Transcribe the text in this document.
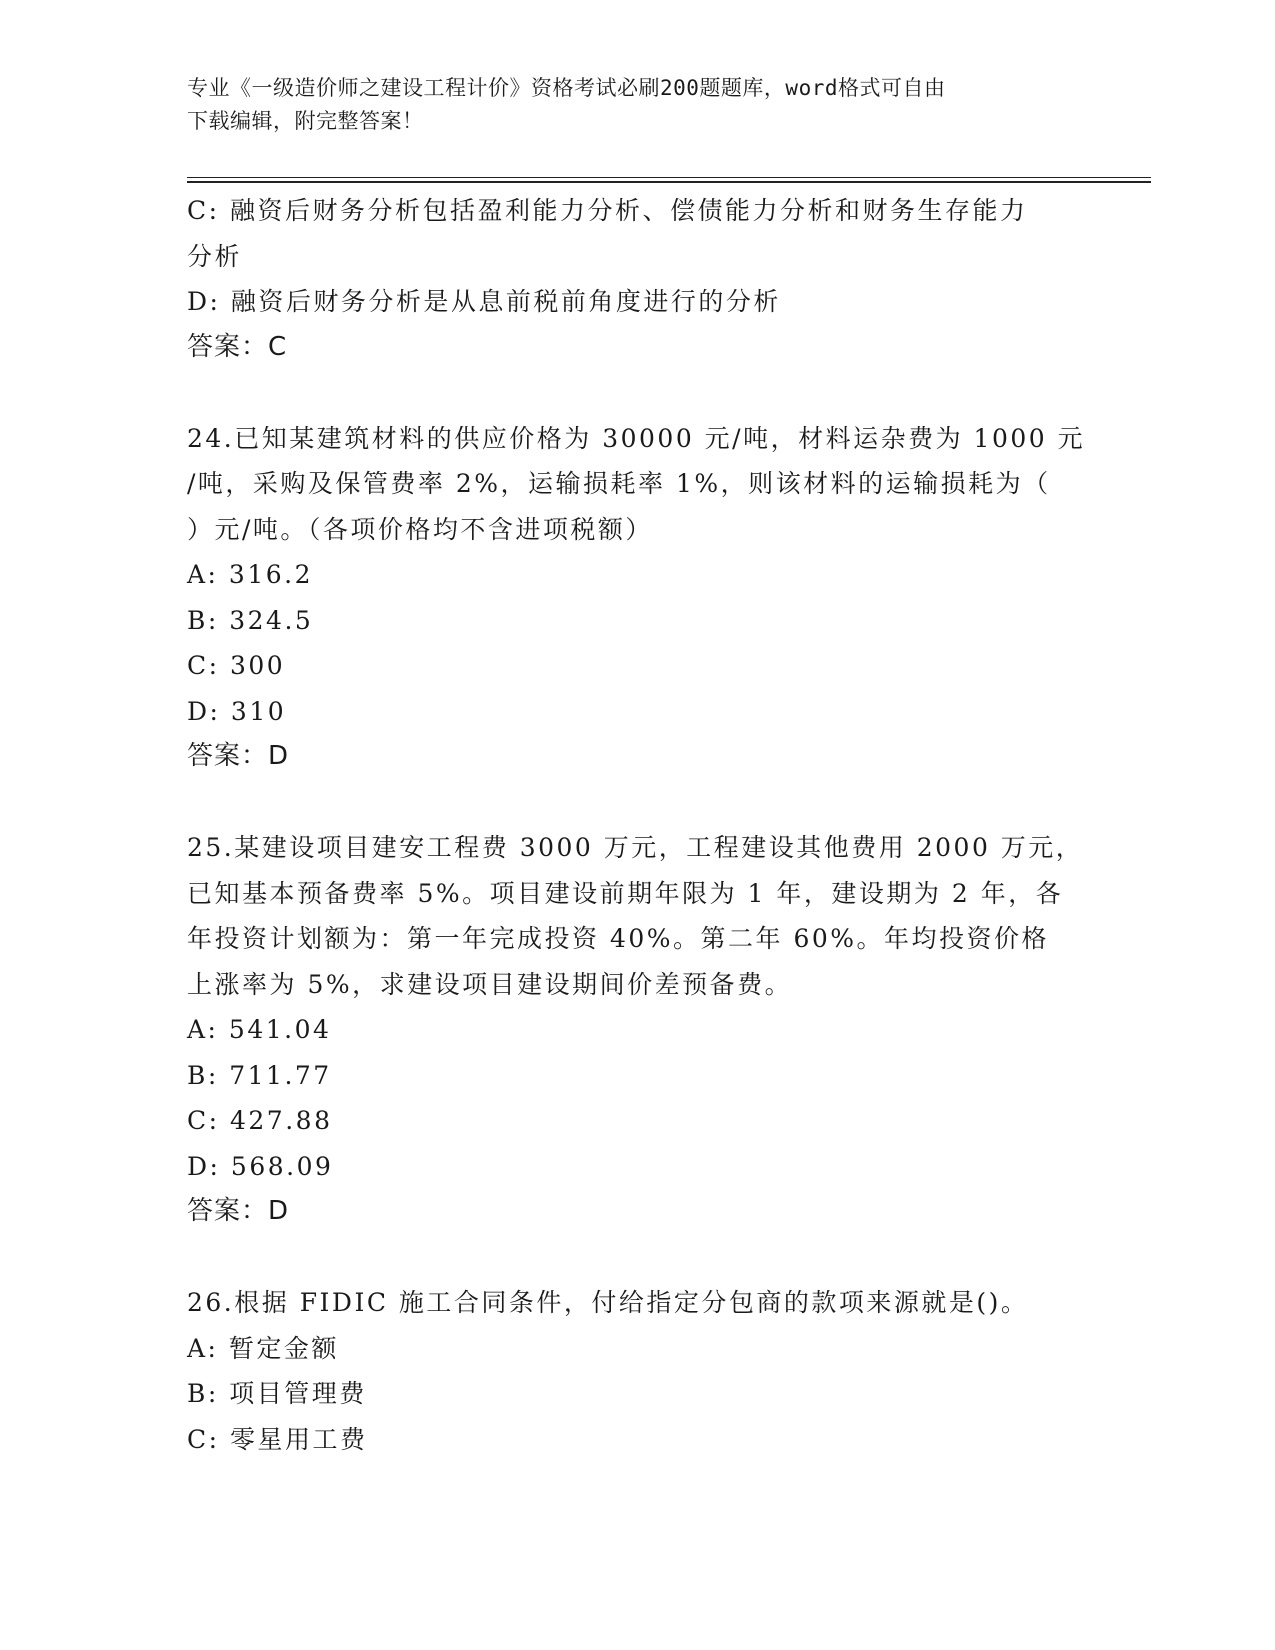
专业《一级造价师之建设工程计价》资格考试必刷200题题库，word格式可自由
下载编辑，附完整答案！
C: 融资后财务分析包括盈利能力分析、偿债能力分析和财务生存能力
分析
D: 融资后财务分析是从息前税前角度进行的分析
答案：C
24.已知某建筑材料的供应价格为 30000 元/吨，材料运杂费为 1000 元
/吨，采购及保管费率 2%，运输损耗率 1%，则该材料的运输损耗为（
）元/吨。（各项价格均不含进项税额）
A: 316.2
B: 324.5
C: 300
D: 310
答案：D
25.某建设项目建安工程费 3000 万元，工程建设其他费用 2000 万元，
已知基本预备费率 5%。项目建设前期年限为 1 年，建设期为 2 年，各
年投资计划额为：第一年完成投资 40%。第二年 60%。年均投资价格
上涨率为 5%，求建设项目建设期间价差预备费。
A: 541.04
B: 711.77
C: 427.88
D: 568.09
答案：D
26.根据 FIDIC 施工合同条件，付给指定分包商的款项来源就是()。
A: 暂定金额
B: 项目管理费
C: 零星用工费
